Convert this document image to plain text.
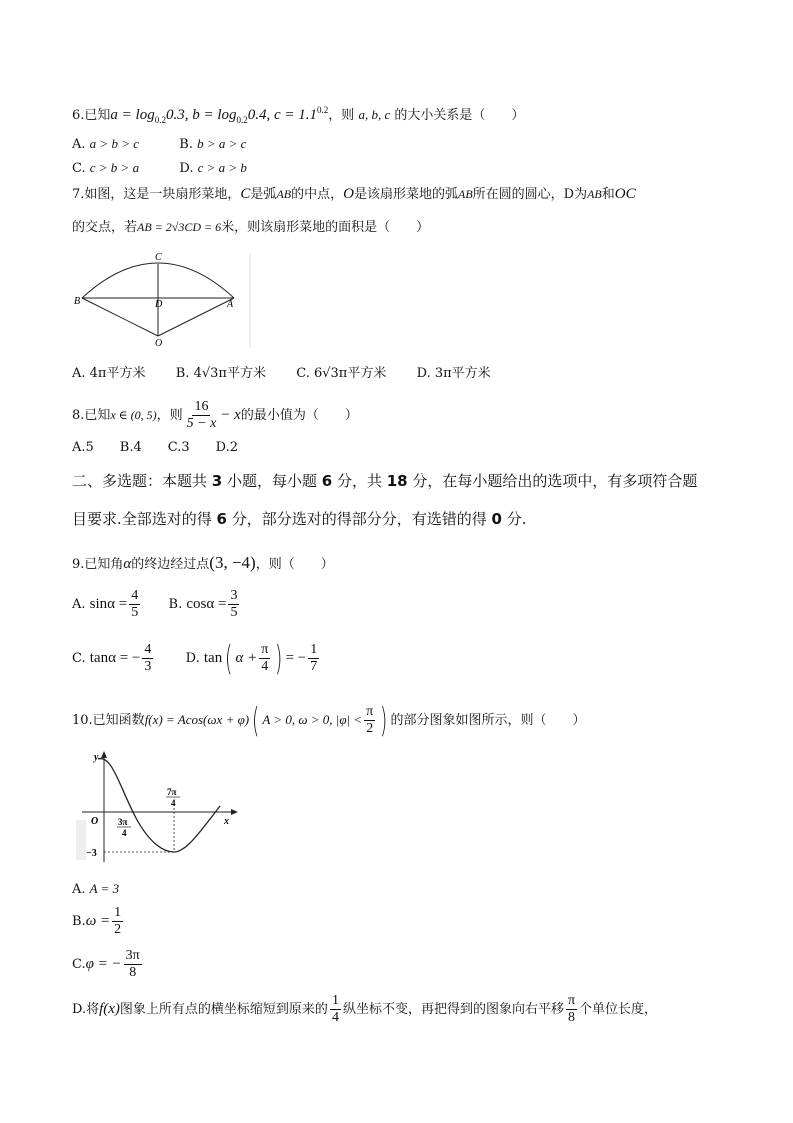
6.已知$a = \log_{0.2}0.3$, $b = \log_{0.2}0.4$, $c = 1.1^{0.2}$，则 a, b, c 的大小关系是（　　）
A. a > b > c	B. b > a > c
C. c > b > a	D. c > a > b
7.如图，这是一块扇形菜地，C是弧AB的中点，O是该扇形菜地的弧AB所在圆的圆心，D为AB和OC
的交点，若AB = 2√3CD = 6米，则该扇形菜地的面积是（　　）
C
B	D	A
O
A. 4π平方米 B. 4√3π平方米 C. 6√3π平方米 D. 3π平方米
8.已知x ∈ (0, 5)，则 $\frac{16}{5 - x} - x$的最小值为（　　）
A.5　　B.4　　C.3　　D.2
二、多选题：本题共 3 小题，每小题 6 分，共 18 分，在每小题给出的选项中，有多项符合题
目要求.全部选对的得 6 分，部分选对的得部分分，有选错的得 0 分.
9.已知角α的终边经过点(3, −4)，则（　　）
A. $\sin\alpha = \frac{4}{5} B$. $\cos\alpha = \frac{3}{5}$
C. tanα = − $\frac{4}{3} D$. tan( $\alpha + \frac{\pi}{4}$ ) = − $\frac{1}{7}$
10.已知函数f(x) = Acos(ωx + φ)( A > 0, ω > 0, $|\varphi| < \frac{\pi}{2}$ ) 的部分图象如图所示，则（　　）
y
x
O 3π
4
7π
4
−3
A. A = 3
$B.\omega = \frac{1}{2}$
C.φ = − $\frac{3\pi}{8}$
D.将f(x)图象上所有点的横坐标缩短到原来的 $\frac{1}{4}$ 纵坐标不变，再把得到的图象向右平移 $\frac{\pi}{8}$ 个单位长度，
